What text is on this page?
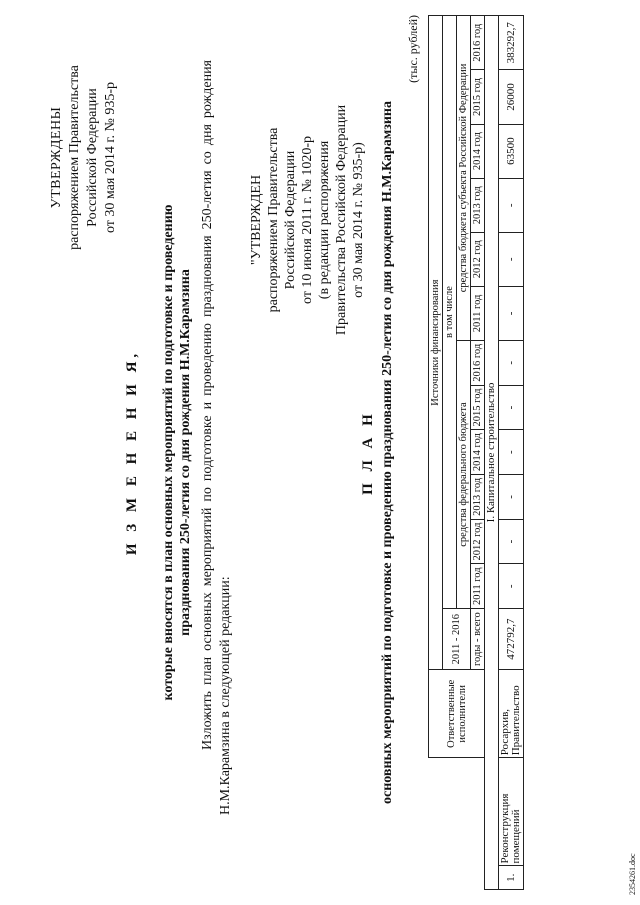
УТВЕРЖДЕНЫ распоряжением Правительства Российской Федерации от 30 мая 2014 г. № 935-р
И З М Е Н Е Н И Я, которые вносятся в план основных мероприятий по подготовке и проведению празднования 250-летия со дня рождения Н.М.Карамзина Изложить план основных мероприятий по подготовке и проведению празднования 250-летия со дня рождения Н.М.Карамзина в следующей редакции:
"УТВЕРЖДЕН распоряжением Правительства Российской Федерации от 10 июня 2011 г. № 1020-р (в редакции распоряжения Правительства Российской Федерации от 30 мая 2014 г. № 935-р)
П Л А Н основных мероприятий по подготовке и проведению празднования 250-летия со дня рождения Н.М.Карамзина
(тыс. рублей)
		Ответственные исполнители	Источники финансирования												
			2011 - 2016	в том числе											
				средства федерального бюджета						средства бюджета субъекта Российской Федерации					
			годы - всего	2011 год	2012 год	2013 год	2014 год	2015 год	2016 год	2011 год	2012 год	2013 год	2014 год	2015 год	2016 год
I. Капитальное строительство															
1.	Реконструкция помещений	Росархив, Правительство	472792,7	-	-	-	-	-	-	-	-	-	63500	26000	383292,7
2354261.doc
